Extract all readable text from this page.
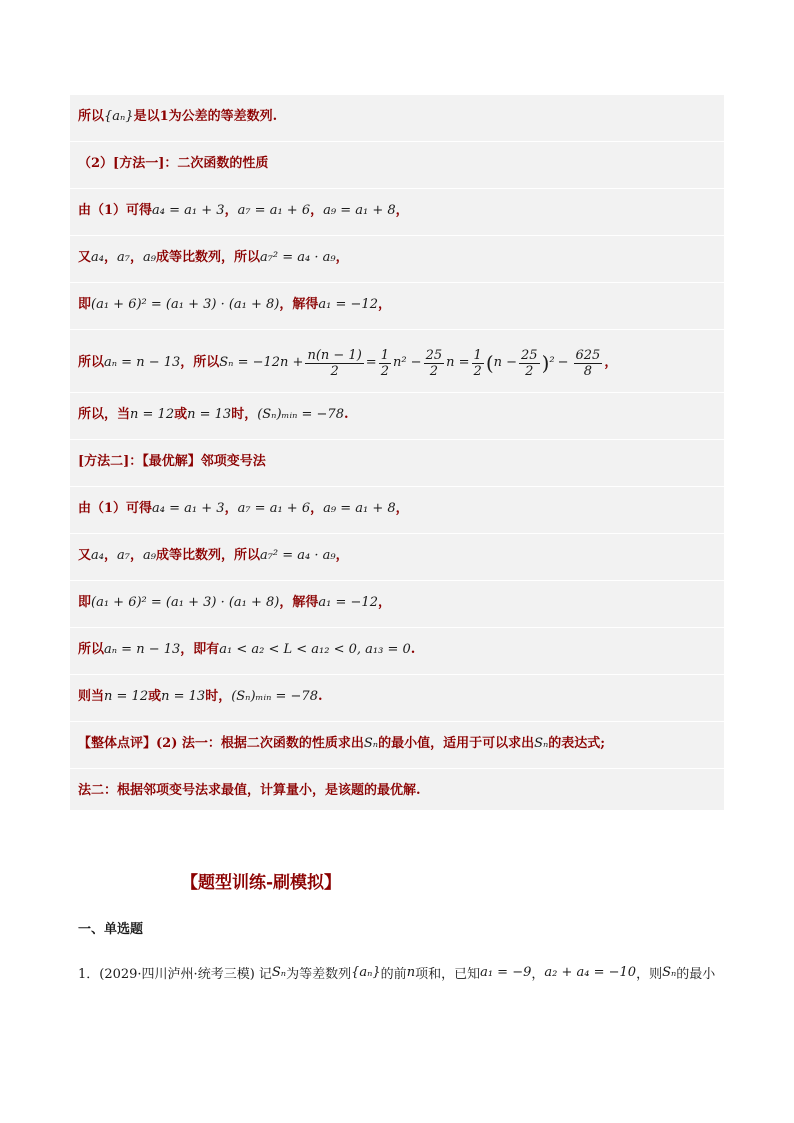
所以 {aₙ} 是以1为公差的等差数列 .
（2）[方法一]：二次函数的性质
由（1）可得 a₄ = a₁ + 3 ， a₇ = a₁ + 6 ， a₉ = a₁ + 8 ，
又 a₄ ， a₇ ， a₉ 成等比数列，所以 a₇² = a₄ · a₉ ，
即 (a₁ + 6)² = (a₁ + 3) · (a₁ + 8) ，解得 a₁ = −12 ，
所以 aₙ = n − 13 ，所以 $S_n = -12n + \frac{n(n - 1)}{2} = \frac{1}{2} n^2 - \frac{25}{2}$ $n = \frac{1}{2}$ ( $n - \frac{25}{2}$ ) $^2 - \frac{625}{8}$ ，
所以，当 n = 12 或 n = 13 时， (Sₙ)ₘᵢₙ = −78 .
[方法二]：【最优解】邻项变号法
由（1）可得 a₄ = a₁ + 3 ， a₇ = a₁ + 6 ， a₉ = a₁ + 8 ，
又 a₄ ， a₇ ， a₉ 成等比数列，所以 a₇² = a₄ · a₉ ，
即 (a₁ + 6)² = (a₁ + 3) · (a₁ + 8) ，解得 a₁ = −12 ，
所以 aₙ = n − 13 ，即有 a₁ < a₂ < L < a₁₂ < 0, a₁₃ = 0 .
则当 n = 12 或 n = 13 时， (Sₙ)ₘᵢₙ = −78 .
【整体点评】(2) 法一：根据二次函数的性质求出 Sₙ 的最小值，适用于可以求出 Sₙ 的表达式;
法二：根据邻项变号法求最值，计算量小，是该题的最优解.
【题型训练-刷模拟】
一、单选题
1．(2029·四川泸州·统考三模) 记 Sₙ 为等差数列 {aₙ} 的前 n 项和，已知 a₁ = −9 ， a₂ + a₄ = −10 ，则 Sₙ 的最小
